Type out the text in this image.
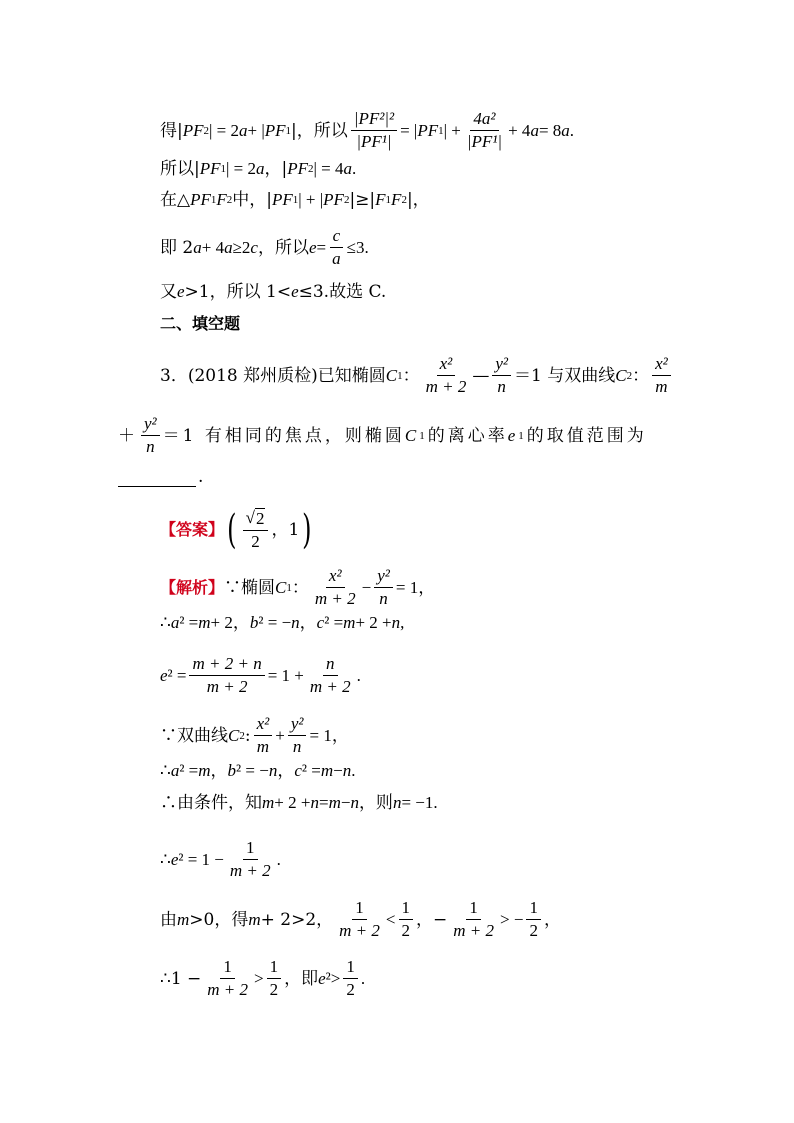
得| PF 2 | = 2 a + | PF 1 |，所以 $\frac{\text{|PF²|²}}{\text{|PF¹|}}$ = | PF 1 | + $\frac{\text{4a²}}{\text{|PF¹|}} + 4$ a = 8 a .
所以| PF 1 | = 2 a ，| PF 2 | = 4 a .
在△ PF 1 F 2 中，| PF 1 | + | PF 2 |≥| F 1 F 2 |，
即 2 a + 4 a ≥2 c ，所以 $e = \frac{c}{a} \le 3$.
又 e >1，所以 1< e ≤3.故选 C.
二、填空题
3．(2018 郑州质检)已知椭圆 C 1 ： $\frac{\text{x²}}{m + 2}$ — $\frac{\text{y²}}{n} =1$ 与双曲线 C 2 ： $\frac{\text{x²}}{m}$
＋ $\frac{\text{y²}}{n} =1$ 有相同的焦点，则椭圆 C 1 的离心率 e 1 的取值范围为
.
【答案】 ( $\frac{√ 2}{2}$ ，1 )
【解析】 ∵椭圆 C 1 ： $\frac{\text{x²}}{m + 2} - \frac{\text{y²}}{n} = 1$，
∴ a ² = m + 2， b ² = − n ， c ² = m + 2 + n ,
e $^2 = \frac{m + 2 + n}{m + 2} = 1 + \frac{n}{m + 2}$ .
∵双曲线 C 2 : $\frac{\text{x²}}{m} + \frac{\text{y²}}{n} = 1$，
∴ a ² = m ， b ² = − n ， c ² = m − n .
∴由条件，知 m + 2 + n = m − n ，则 n = −1.
∴ e $^2 = 1 - \frac{1}{m + 2}$ .
由 m >0，得 m + 2>2， $\frac{1}{m + 2} < \frac{1}{2}$ ，− $\frac{1}{m + 2}$ > − $\frac{1}{2}$ ，
∴1 − $\frac{1}{m + 2} > \frac{1}{2}$ ，即 e $^2> \frac{1}{2}$ .
